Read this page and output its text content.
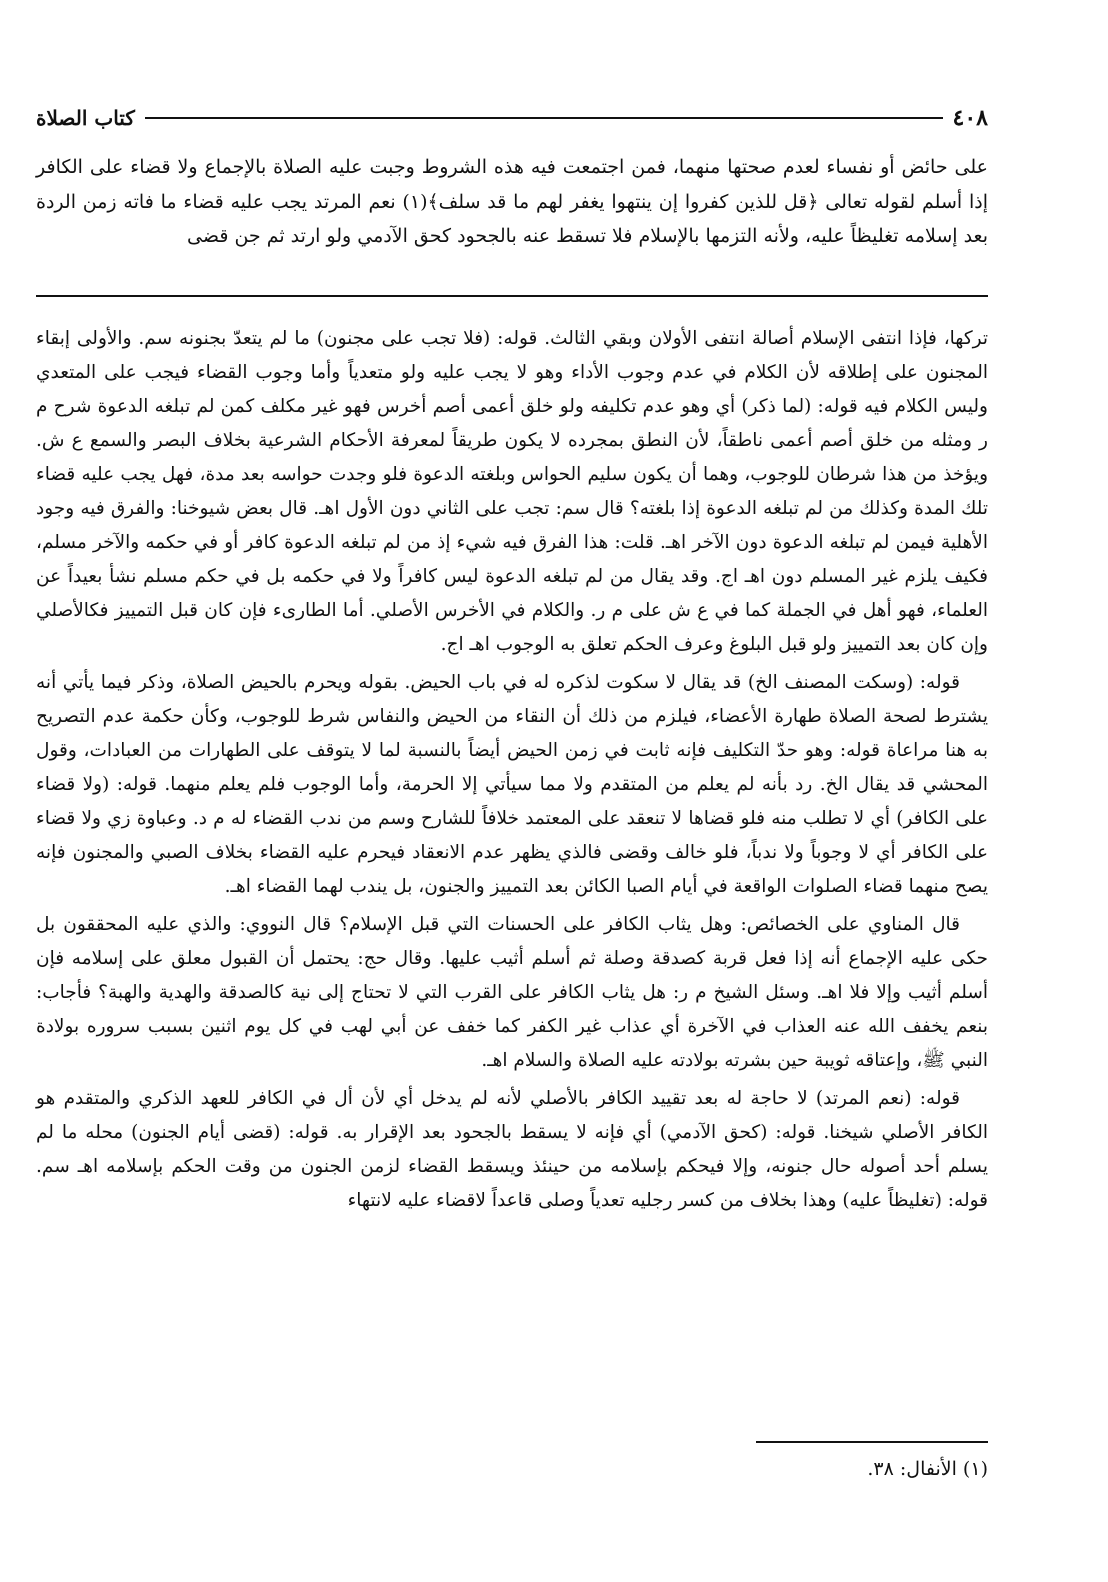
٤٠٨
كتاب الصلاة

على حائض أو نفساء لعدم صحتها منهما، فمن اجتمعت فيه هذه الشروط وجبت عليه الصلاة بالإجماع ولا قضاء على الكافر إذا أسلم لقوله تعالى ﴿قل للذين كفروا إن ينتهوا يغفر لهم ما قد سلف﴾(١) نعم المرتد يجب عليه قضاء ما فاته زمن الردة بعد إسلامه تغليظاً عليه، ولأنه التزمها بالإسلام فلا تسقط عنه بالجحود كحق الآدمي ولو ارتد ثم جن قضى

تركها، فإذا انتفى الإسلام أصالة انتفى الأولان وبقي الثالث. قوله: (فلا تجب على مجنون) ما لم يتعدّ بجنونه سم. والأولى إبقاء المجنون على إطلاقه لأن الكلام في عدم وجوب الأداء وهو لا يجب عليه ولو متعدياً وأما وجوب القضاء فيجب على المتعدي وليس الكلام فيه قوله: (لما ذكر) أي وهو عدم تكليفه ولو خلق أعمى أصم أخرس فهو غير مكلف كمن لم تبلغه الدعوة شرح م ر ومثله من خلق أصم أعمى ناطقاً، لأن النطق بمجرده لا يكون طريقاً لمعرفة الأحكام الشرعية بخلاف البصر والسمع ع ش. ويؤخذ من هذا شرطان للوجوب، وهما أن يكون سليم الحواس وبلغته الدعوة فلو وجدت حواسه بعد مدة، فهل يجب عليه قضاء تلك المدة وكذلك من لم تبلغه الدعوة إذا بلغته؟ قال سم: تجب على الثاني دون الأول اهـ. قال بعض شيوخنا: والفرق فيه وجود الأهلية فيمن لم تبلغه الدعوة دون الآخر اهـ. قلت: هذا الفرق فيه شيء إذ من لم تبلغه الدعوة كافر أو في حكمه والآخر مسلم، فكيف يلزم غير المسلم دون اهـ اج. وقد يقال من لم تبلغه الدعوة ليس كافراً ولا في حكمه بل في حكم مسلم نشأ بعيداً عن العلماء، فهو أهل في الجملة كما في ع ش على م ر. والكلام في الأخرس الأصلي. أما الطارىء فإن كان قبل التمييز فكالأصلي وإن كان بعد التمييز ولو قبل البلوغ وعرف الحكم تعلق به الوجوب اهـ اج.

قوله: (وسكت المصنف الخ) قد يقال لا سكوت لذكره له في باب الحيض. بقوله ويحرم بالحيض الصلاة، وذكر فيما يأتي أنه يشترط لصحة الصلاة طهارة الأعضاء، فيلزم من ذلك أن النقاء من الحيض والنفاس شرط للوجوب، وكأن حكمة عدم التصريح به هنا مراعاة قوله: وهو حدّ التكليف فإنه ثابت في زمن الحيض أيضاً بالنسبة لما لا يتوقف على الطهارات من العبادات، وقول المحشي قد يقال الخ. رد بأنه لم يعلم من المتقدم ولا مما سيأتي إلا الحرمة، وأما الوجوب فلم يعلم منهما. قوله: (ولا قضاء على الكافر) أي لا تطلب منه فلو قضاها لا تنعقد على المعتمد خلافاً للشارح وسم من ندب القضاء له م د. وعباوة زي ولا قضاء على الكافر أي لا وجوباً ولا ندباً، فلو خالف وقضى فالذي يظهر عدم الانعقاد فيحرم عليه القضاء بخلاف الصبي والمجنون فإنه يصح منهما قضاء الصلوات الواقعة في أيام الصبا الكائن بعد التمييز والجنون، بل يندب لهما القضاء اهـ.

قال المناوي على الخصائص: وهل يثاب الكافر على الحسنات التي قبل الإسلام؟ قال النووي: والذي عليه المحققون بل حكى عليه الإجماع أنه إذا فعل قربة كصدقة وصلة ثم أسلم أثيب عليها. وقال حج: يحتمل أن القبول معلق على إسلامه فإن أسلم أثيب وإلا فلا اهـ. وسئل الشيخ م ر: هل يثاب الكافر على القرب التي لا تحتاج إلى نية كالصدقة والهدية والهبة؟ فأجاب: بنعم يخفف الله عنه العذاب في الآخرة أي عذاب غير الكفر كما خفف عن أبي لهب في كل يوم اثنين بسبب سروره بولادة النبي ﷺ، وإعتاقه ثويبة حين بشرته بولادته عليه الصلاة والسلام اهـ.

قوله: (نعم المرتد) لا حاجة له بعد تقييد الكافر بالأصلي لأنه لم يدخل أي لأن أل في الكافر للعهد الذكري والمتقدم هو الكافر الأصلي شيخنا. قوله: (كحق الآدمي) أي فإنه لا يسقط بالجحود بعد الإقرار به. قوله: (قضى أيام الجنون) محله ما لم يسلم أحد أصوله حال جنونه، وإلا فيحكم بإسلامه من حينئذ ويسقط القضاء لزمن الجنون من وقت الحكم بإسلامه اهـ سم. قوله: (تغليظاً عليه) وهذا بخلاف من كسر رجليه تعدياً وصلى قاعداً لاقضاء عليه لانتهاء

(١) الأنفال: ٣٨.
